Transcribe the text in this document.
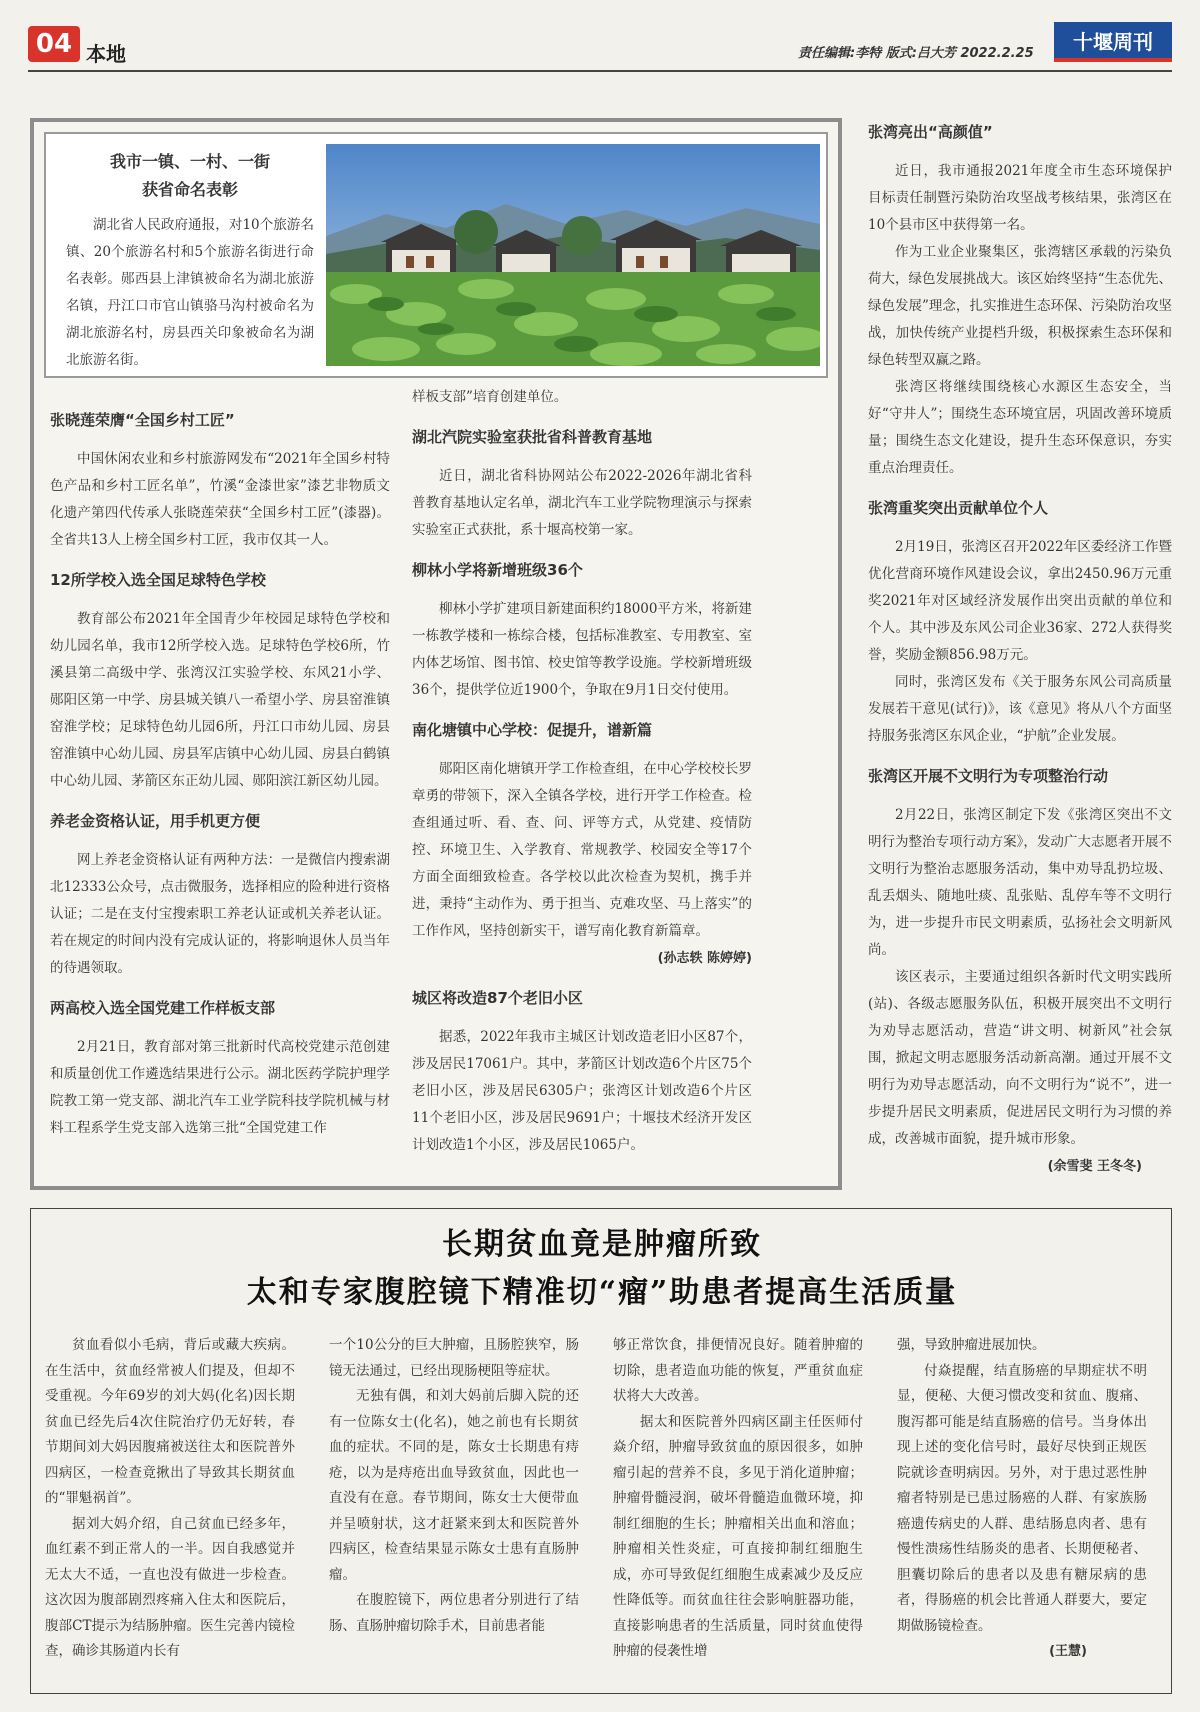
04 本地	责任编辑:李特 版式:吕大芳 2022.2.25	十堰周刊
我市一镇、一村、一街
获省命名表彰
湖北省人民政府通报，对10个旅游名镇、20个旅游名村和5个旅游名街进行命名表彰。郧西县上津镇被命名为湖北旅游名镇，丹江口市官山镇骆马沟村被命名为湖北旅游名村，房县西关印象被命名为湖北旅游名街。
张晓莲荣膺“全国乡村工匠”

中国休闲农业和乡村旅游网发布“2021年全国乡村特色产品和乡村工匠名单”，竹溪“金漆世家”漆艺非物质文化遗产第四代传承人张晓莲荣获“全国乡村工匠”(漆器)。全省共13人上榜全国乡村工匠，我市仅其一人。

12所学校入选全国足球特色学校

教育部公布2021年全国青少年校园足球特色学校和幼儿园名单，我市12所学校入选。足球特色学校6所，竹溪县第二高级中学、张湾汉江实验学校、东风21小学、郧阳区第一中学、房县城关镇八一希望小学、房县窑淮镇窑淮学校；足球特色幼儿园6所，丹江口市幼儿园、房县窑淮镇中心幼儿园、房县军店镇中心幼儿园、房县白鹤镇中心幼儿园、茅箭区东正幼儿园、郧阳滨江新区幼儿园。

养老金资格认证，用手机更方便

网上养老金资格认证有两种方法：一是微信内搜索湖北12333公众号，点击微服务，选择相应的险种进行资格认证；二是在支付宝搜索职工养老认证或机关养老认证。若在规定的时间内没有完成认证的，将影响退休人员当年的待遇领取。

两高校入选全国党建工作样板支部

2月21日，教育部对第三批新时代高校党建示范创建和质量创优工作遴选结果进行公示。湖北医药学院护理学院教工第一党支部、湖北汽车工业学院科技学院机械与材料工程系学生党支部入选第三批“全国党建工作

样板支部”培育创建单位。

湖北汽院实验室获批省科普教育基地

近日，湖北省科协网站公布2022-2026年湖北省科普教育基地认定名单，湖北汽车工业学院物理演示与探索实验室正式获批，系十堰高校第一家。

柳林小学将新增班级36个

柳林小学扩建项目新建面积约18000平方米，将新建一栋教学楼和一栋综合楼，包括标准教室、专用教室、室内体艺场馆、图书馆、校史馆等教学设施。学校新增班级36个，提供学位近1900个，争取在9月1日交付使用。

南化塘镇中心学校：促提升，谱新篇

郧阳区南化塘镇开学工作检查组，在中心学校校长罗章勇的带领下，深入全镇各学校，进行开学工作检查。检查组通过听、看、查、问、评等方式，从党建、疫情防控、环境卫生、入学教育、常规教学、校园安全等17个方面全面细致检查。各学校以此次检查为契机，携手并进，秉持“主动作为、勇于担当、克难攻坚、马上落实”的工作作风，坚持创新实干，谱写南化教育新篇章。

(孙志轶 陈婷婷)
城区将改造87个老旧小区

据悉，2022年我市主城区计划改造老旧小区87个，涉及居民17061户。其中，茅箭区计划改造6个片区75个老旧小区，涉及居民6305户；张湾区计划改造6个片区11个老旧小区，涉及居民9691户；十堰技术经济开发区计划改造1个小区，涉及居民1065户。

张湾亮出“高颜值”

近日，我市通报2021年度全市生态环境保护目标责任制暨污染防治攻坚战考核结果，张湾区在10个县市区中获得第一名。

作为工业企业聚集区，张湾辖区承载的污染负荷大，绿色发展挑战大。该区始终坚持“生态优先、绿色发展”理念，扎实推进生态环保、污染防治攻坚战，加快传统产业提档升级，积极探索生态环保和绿色转型双赢之路。

张湾区将继续围绕核心水源区生态安全，当好“守井人”；围绕生态环境宜居，巩固改善环境质量；围绕生态文化建设，提升生态环保意识，夯实重点治理责任。

张湾重奖突出贡献单位个人

2月19日，张湾区召开2022年区委经济工作暨优化营商环境作风建设会议，拿出2450.96万元重奖2021年对区域经济发展作出突出贡献的单位和个人。其中涉及东风公司企业36家、272人获得奖誉，奖励金额856.98万元。

同时，张湾区发布《关于服务东风公司高质量发展若干意见(试行)》，该《意见》将从八个方面坚持服务张湾区东风企业，“护航”企业发展。

张湾区开展不文明行为专项整治行动

2月22日，张湾区制定下发《张湾区突出不文明行为整治专项行动方案》，发动广大志愿者开展不文明行为整治志愿服务活动，集中劝导乱扔垃圾、乱丢烟头、随地吐痰、乱张贴、乱停车等不文明行为，进一步提升市民文明素质，弘扬社会文明新风尚。

该区表示，主要通过组织各新时代文明实践所(站)、各级志愿服务队伍，积极开展突出不文明行为劝导志愿活动，营造“讲文明、树新风”社会氛围，掀起文明志愿服务活动新高潮。通过开展不文明行为劝导志愿活动，向不文明行为“说不”，进一步提升居民文明素质，促进居民文明行为习惯的养成，改善城市面貌，提升城市形象。

(余雪斐 王冬冬)
长期贫血竟是肿瘤所致
太和专家腹腔镜下精准切“瘤”助患者提高生活质量

贫血看似小毛病，背后或藏大疾病。在生活中，贫血经常被人们提及，但却不受重视。今年69岁的刘大妈(化名)因长期贫血已经先后4次住院治疗仍无好转，春节期间刘大妈因腹痛被送往太和医院普外四病区，一检查竟揪出了导致其长期贫血的“罪魁祸首”。

据刘大妈介绍，自己贫血已经多年，血红素不到正常人的一半。因自我感觉并无太大不适，一直也没有做进一步检查。这次因为腹部剧烈疼痛入住太和医院后，腹部CT提示为结肠肿瘤。医生完善内镜检查，确诊其肠道内长有

一个10公分的巨大肿瘤，且肠腔狭窄，肠镜无法通过，已经出现肠梗阻等症状。

无独有偶，和刘大妈前后脚入院的还有一位陈女士(化名)，她之前也有长期贫血的症状。不同的是，陈女士长期患有痔疮，以为是痔疮出血导致贫血，因此也一直没有在意。春节期间，陈女士大便带血并呈喷射状，这才赶紧来到太和医院普外四病区，检查结果显示陈女士患有直肠肿瘤。

在腹腔镜下，两位患者分别进行了结肠、直肠肿瘤切除手术，目前患者能

够正常饮食，排便情况良好。随着肿瘤的切除，患者造血功能的恢复，严重贫血症状将大大改善。

据太和医院普外四病区副主任医师付焱介绍，肿瘤导致贫血的原因很多，如肿瘤引起的营养不良，多见于消化道肿瘤；肿瘤骨髓浸润，破坏骨髓造血微环境，抑制红细胞的生长；肿瘤相关出血和溶血；肿瘤相关性炎症，可直接抑制红细胞生成，亦可导致促红细胞生成素减少及反应性降低等。而贫血往往会影响脏器功能，直接影响患者的生活质量，同时贫血使得肿瘤的侵袭性增

强，导致肿瘤进展加快。

付焱提醒，结直肠癌的早期症状不明显，便秘、大便习惯改变和贫血、腹痛、腹泻都可能是结直肠癌的信号。当身体出现上述的变化信号时，最好尽快到正规医院就诊查明病因。另外，对于患过恶性肿瘤者特别是已患过肠癌的人群、有家族肠癌遗传病史的人群、患结肠息肉者、患有慢性溃疡性结肠炎的患者、长期便秘者、胆囊切除后的患者以及患有糖尿病的患者，得肠癌的机会比普通人群要大，要定期做肠镜检查。

(王慧)
